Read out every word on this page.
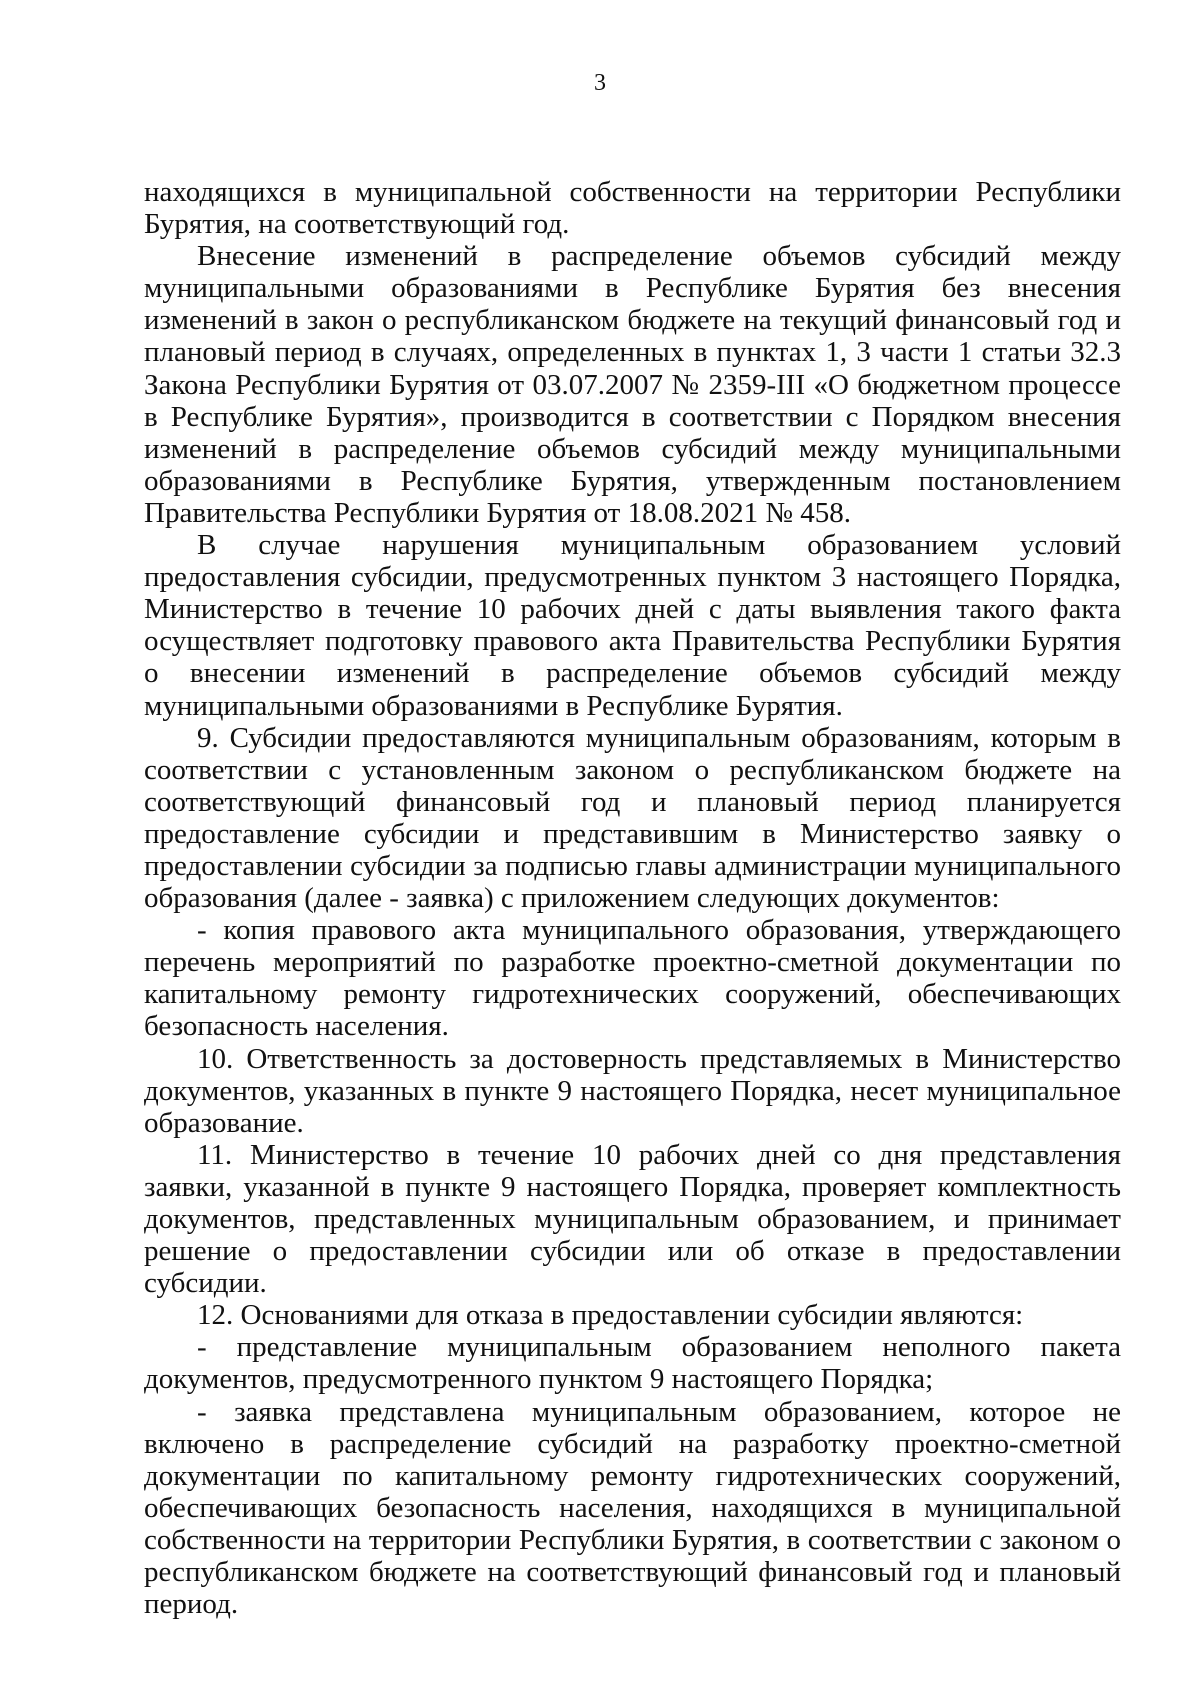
3

находящихся в муниципальной собственности на территории Республики Бурятия, на соответствующий год.

Внесение изменений в распределение объемов субсидий между муниципальными образованиями в Республике Бурятия без внесения изменений в закон о республиканском бюджете на текущий финансовый год и плановый период в случаях, определенных в пунктах 1, 3 части 1 статьи 32.3 Закона Республики Бурятия от 03.07.2007 № 2359-III «О бюджетном процессе в Республике Бурятия», производится в соответствии с Порядком внесения изменений в распределение объемов субсидий между муниципальными образованиями в Республике Бурятия, утвержденным постановлением Правительства Республики Бурятия от 18.08.2021 № 458.

В случае нарушения муниципальным образованием условий предоставления субсидии, предусмотренных пунктом 3 настоящего Порядка, Министерство в течение 10 рабочих дней с даты выявления такого факта осуществляет подготовку правового акта Правительства Республики Бурятия о внесении изменений в распределение объемов субсидий между муниципальными образованиями в Республике Бурятия.

9. Субсидии предоставляются муниципальным образованиям, которым в соответствии с установленным законом о республиканском бюджете на соответствующий финансовый год и плановый период планируется предоставление субсидии и представившим в Министерство заявку о предоставлении субсидии за подписью главы администрации муниципального образования (далее - заявка) с приложением следующих документов:

- копия правового акта муниципального образования, утверждающего перечень мероприятий по разработке проектно-сметной документации по капитальному ремонту гидротехнических сооружений, обеспечивающих безопасность населения.

10. Ответственность за достоверность представляемых в Министерство документов, указанных в пункте 9 настоящего Порядка, несет муниципальное образование.

11. Министерство в течение 10 рабочих дней со дня представления заявки, указанной в пункте 9 настоящего Порядка, проверяет комплектность документов, представленных муниципальным образованием, и принимает решение о предоставлении субсидии или об отказе в предоставлении субсидии.

12. Основаниями для отказа в предоставлении субсидии являются:

- представление муниципальным образованием неполного пакета документов, предусмотренного пунктом 9 настоящего Порядка;

- заявка представлена муниципальным образованием, которое не включено в распределение субсидий на разработку проектно-сметной документации по капитальному ремонту гидротехнических сооружений, обеспечивающих безопасность населения, находящихся в муниципальной собственности на территории Республики Бурятия, в соответствии с законом о республиканском бюджете на соответствующий финансовый год и плановый период.
